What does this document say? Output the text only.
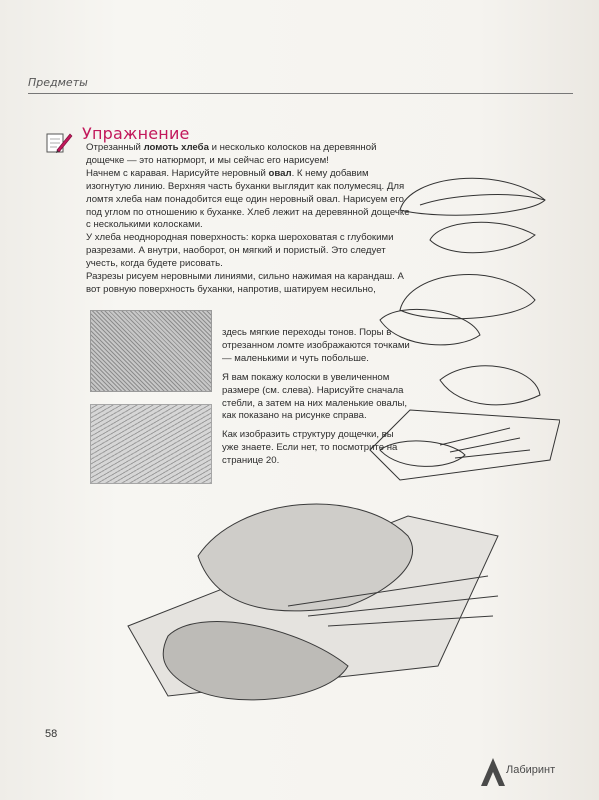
Предметы
Упражнение

Отрезанный ломоть хлеба и несколько колосков на деревянной дощечке — это натюрморт, и мы сейчас его нарисуем!

Начнем с каравая. Нарисуйте неровный овал. К нему добавим изогнутую линию. Верхняя часть буханки выглядит как полумесяц. Для ломтя хлеба нам понадобится еще один неровный овал. Нарисуем его под углом по отношению к буханке. Хлеб лежит на деревянной дощечке с несколькими колосками.

У хлеба неоднородная поверхность: корка шероховатая с глубокими разрезами. А внутри, наоборот, он мягкий и пористый. Это следует учесть, когда будете рисовать.

Разрезы рисуем неровными линиями, сильно нажимая на карандаш. А вот ровную поверхность буханки, напротив, шатируем несильно,

здесь мягкие переходы тонов. Поры в отрезанном ломте изображаются точками — маленькими и чуть побольше.

Я вам покажу колоски в увеличенном размере (см. слева). Нарисуйте сначала стебли, а затем на них маленькие овалы, как показано на рисунке справа.

Как изобразить структуру дощечки, вы уже знаете. Если нет, то посмотрите на странице 20.

58
Лабиринт
